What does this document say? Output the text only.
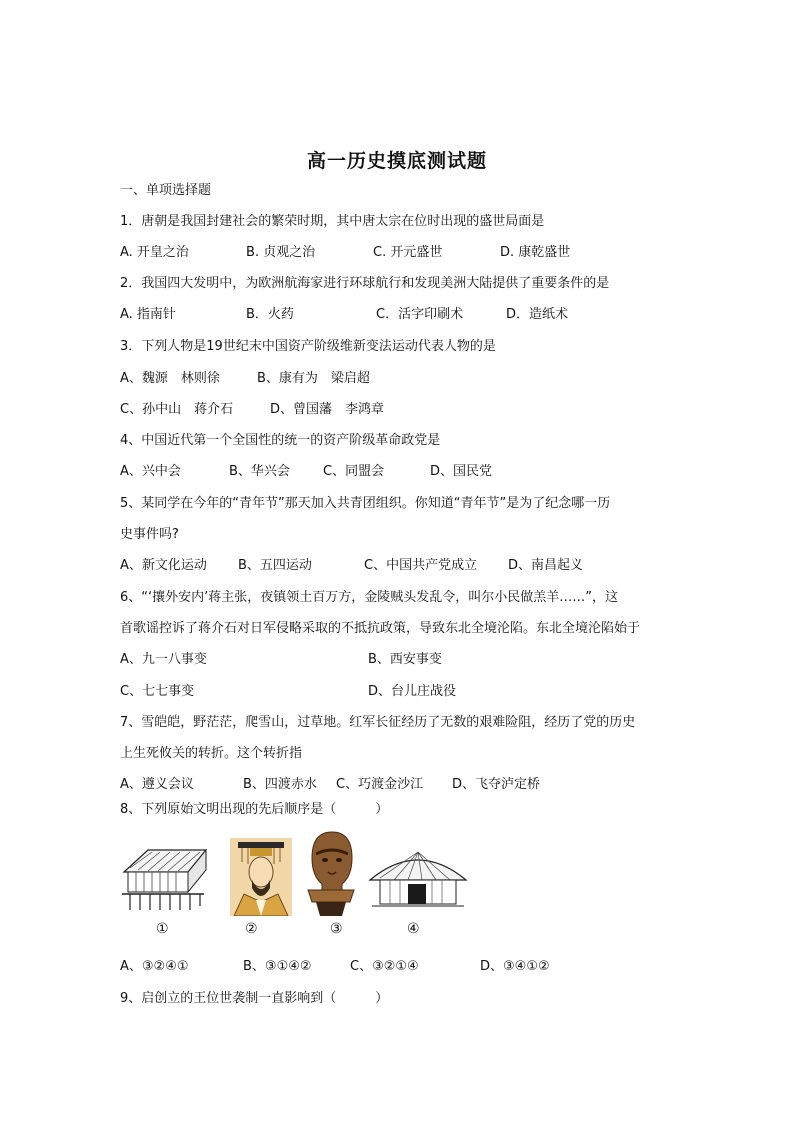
高一历史摸底测试题
一、单项选择题
1．唐朝是我国封建社会的繁荣时期，其中唐太宗在位时出现的盛世局面是
A. 开皇之治	B. 贞观之治	C. 开元盛世	D. 康乾盛世
2．我国四大发明中，为欧洲航海家进行环球航行和发现美洲大陆提供了重要条件的是
A. 指南针	B．火药	C．活字印刷术	D．造纸术
3．下列人物是19世纪末中国资产阶级维新变法运动代表人物的是
A、魏源　林则徐	B、康有为　梁启超
C、孙中山　蒋介石	D、曾国藩　李鸿章
4、中国近代第一个全国性的统一的资产阶级革命政党是
A、兴中会	B、华兴会	C、同盟会	D、国民党
5、某同学在今年的“青年节”那天加入共青团组织。你知道“青年节”是为了纪念哪一历
史事件吗?
A、新文化运动 B、五四运动	C、中国共产党成立 D、南昌起义
6、“‘攘外安内’蒋主张，夜镇领土百万方，金陵贼头发乱令，叫尔小民做羔羊……”，这
首歌谣控诉了蒋介石对日军侵略采取的不抵抗政策，导致东北全境沦陷。东北全境沦陷始于
A、九一八事变	B、西安事变
C、七七事变	D、台儿庄战役
7、雪皑皑，野茫茫，爬雪山，过草地。红军长征经历了无数的艰难险阻，经历了党的历史
上生死攸关的转折。这个转折指
A、遵义会议	B、四渡赤水 C、巧渡金沙江 D、飞夺泸定桥
8、下列原始文明出现的先后顺序是（　　　）
①	②	③	④
A、③②④①	B、③①④②	C、③②①④	D、③④①②
9、启创立的王位世袭制一直影响到（　　　）
